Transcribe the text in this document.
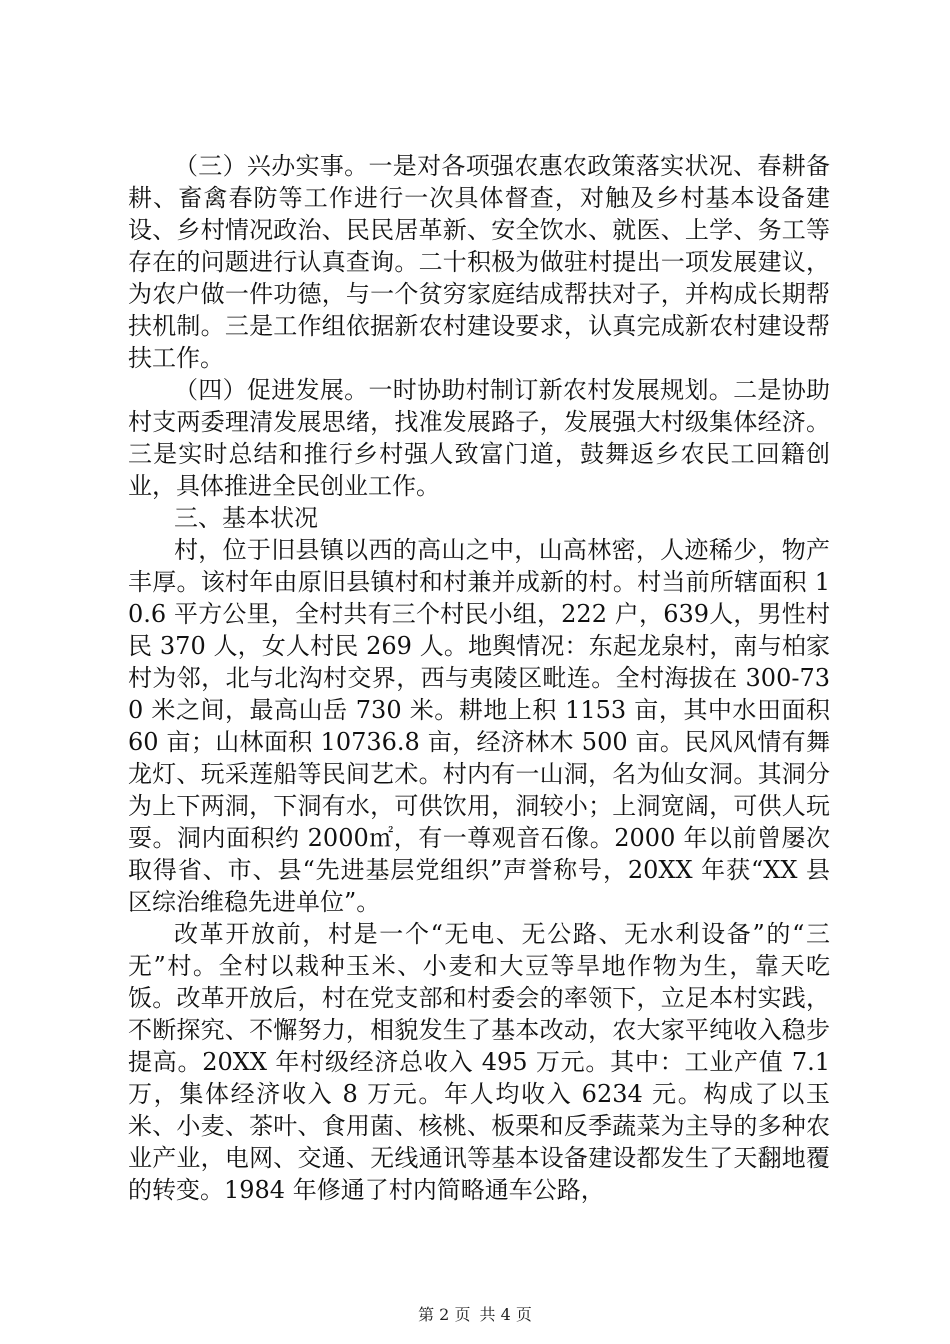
（三）兴办实事。一是对各项强农惠农政策落实状况、春耕备耕、畜禽春防等工作进行一次具体督查，对触及乡村基本设备建设、乡村情况政治、民民居革新、安全饮水、就医、上学、务工等存在的问题进行认真查询。二十积极为做驻村提出一项发展建议，为农户做一件功德，与一个贫穷家庭结成帮扶对子，并构成长期帮扶机制。三是工作组依据新农村建设要求，认真完成新农村建设帮扶工作。

（四）促进发展。一时协助村制订新农村发展规划。二是协助村支两委理清发展思绪，找准发展路子，发展强大村级集体经济。三是实时总结和推行乡村强人致富门道，鼓舞返乡农民工回籍创业，具体推进全民创业工作。

三、基本状况

村，位于旧县镇以西的高山之中，山高林密，人迹稀少，物产丰厚。该村年由原旧县镇村和村兼并成新的村。村当前所辖面积 10.6 平方公里，全村共有三个村民小组，222 户，639人，男性村民 370 人，女人村民 269 人。地舆情况：东起龙泉村，南与柏家村为邻，北与北沟村交界，西与夷陵区毗连。全村海拔在 300-730 米之间，最高山岳 730 米。耕地上积 1153 亩，其中水田面积 60 亩；山林面积 10736.8 亩，经济林木 500 亩。民风风情有舞龙灯、玩采莲船等民间艺术。村内有一山洞，名为仙女洞。其洞分为上下两洞，下洞有水，可供饮用，洞较小；上洞宽阔，可供人玩耍。洞内面积约 2000㎡，有一尊观音石像。2000 年以前曾屡次取得省、市、县“先进基层党组织”声誉称号，20XX 年获“XX 县区综治维稳先进单位”。

改革开放前，村是一个“无电、无公路、无水利设备”的“三无”村。全村以栽种玉米、小麦和大豆等旱地作物为生，靠天吃饭。改革开放后，村在党支部和村委会的率领下，立足本村实践，不断探究、不懈努力，相貌发生了基本改动，农大家平纯收入稳步提高。20XX 年村级经济总收入 495 万元。其中：工业产值 7.1 万，集体经济收入 8 万元。年人均收入 6234 元。构成了以玉米、小麦、茶叶、食用菌、核桃、板栗和反季蔬菜为主导的多种农业产业，电网、交通、无线通讯等基本设备建设都发生了天翻地覆的转变。1984 年修通了村内简略通车公路，

第 2 页 共 4 页
